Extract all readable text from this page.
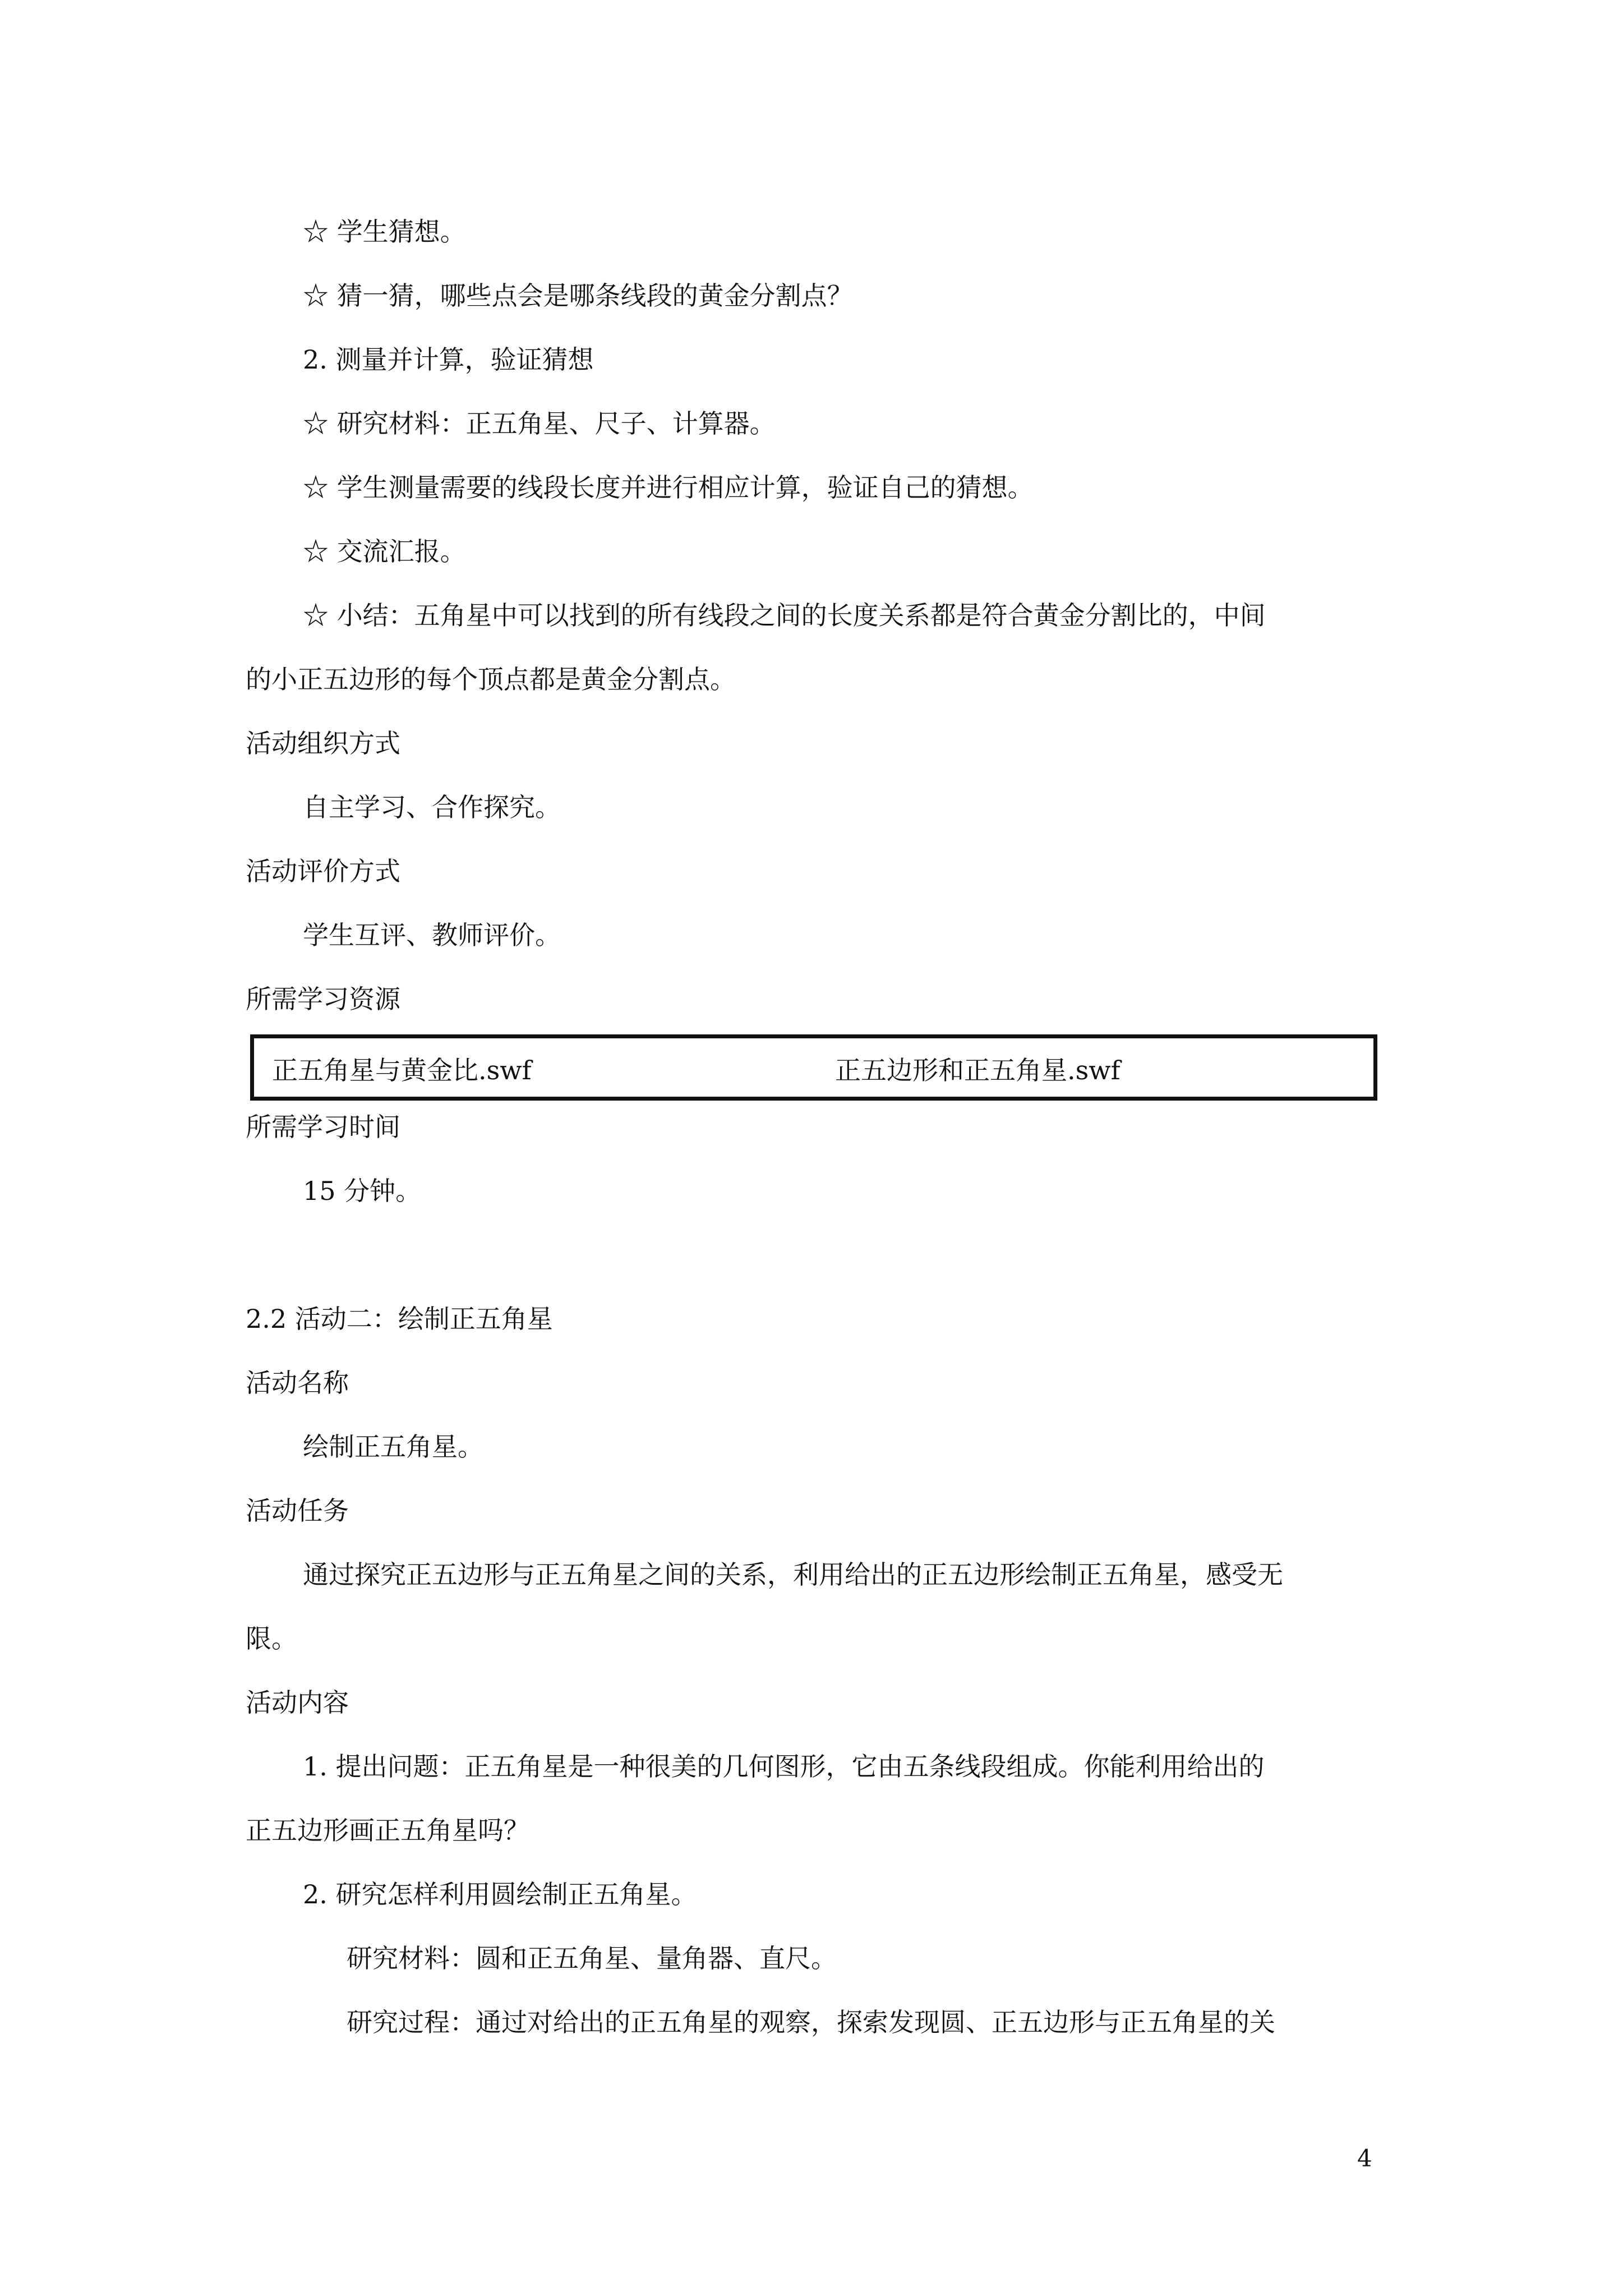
☆ 学生猜想。
☆ 猜一猜，哪些点会是哪条线段的黄金分割点？
2. 测量并计算，验证猜想
☆ 研究材料：正五角星、尺子、计算器。
☆ 学生测量需要的线段长度并进行相应计算，验证自己的猜想。
☆ 交流汇报。
☆ 小结：五角星中可以找到的所有线段之间的长度关系都是符合黄金分割比的，中间
的小正五边形的每个顶点都是黄金分割点。
活动组织方式
自主学习、合作探究。
活动评价方式
学生互评、教师评价。
所需学习资源
正五角星与黄金比.swf	正五边形和正五角星.swf
所需学习时间
15 分钟。
2.2 活动二：绘制正五角星
活动名称
绘制正五角星。
活动任务
通过探究正五边形与正五角星之间的关系，利用给出的正五边形绘制正五角星，感受无
限。
活动内容
1. 提出问题：正五角星是一种很美的几何图形，它由五条线段组成。你能利用给出的
正五边形画正五角星吗？
2. 研究怎样利用圆绘制正五角星。
研究材料：圆和正五角星、量角器、直尺。
研究过程：通过对给出的正五角星的观察，探索发现圆、正五边形与正五角星的关
4
